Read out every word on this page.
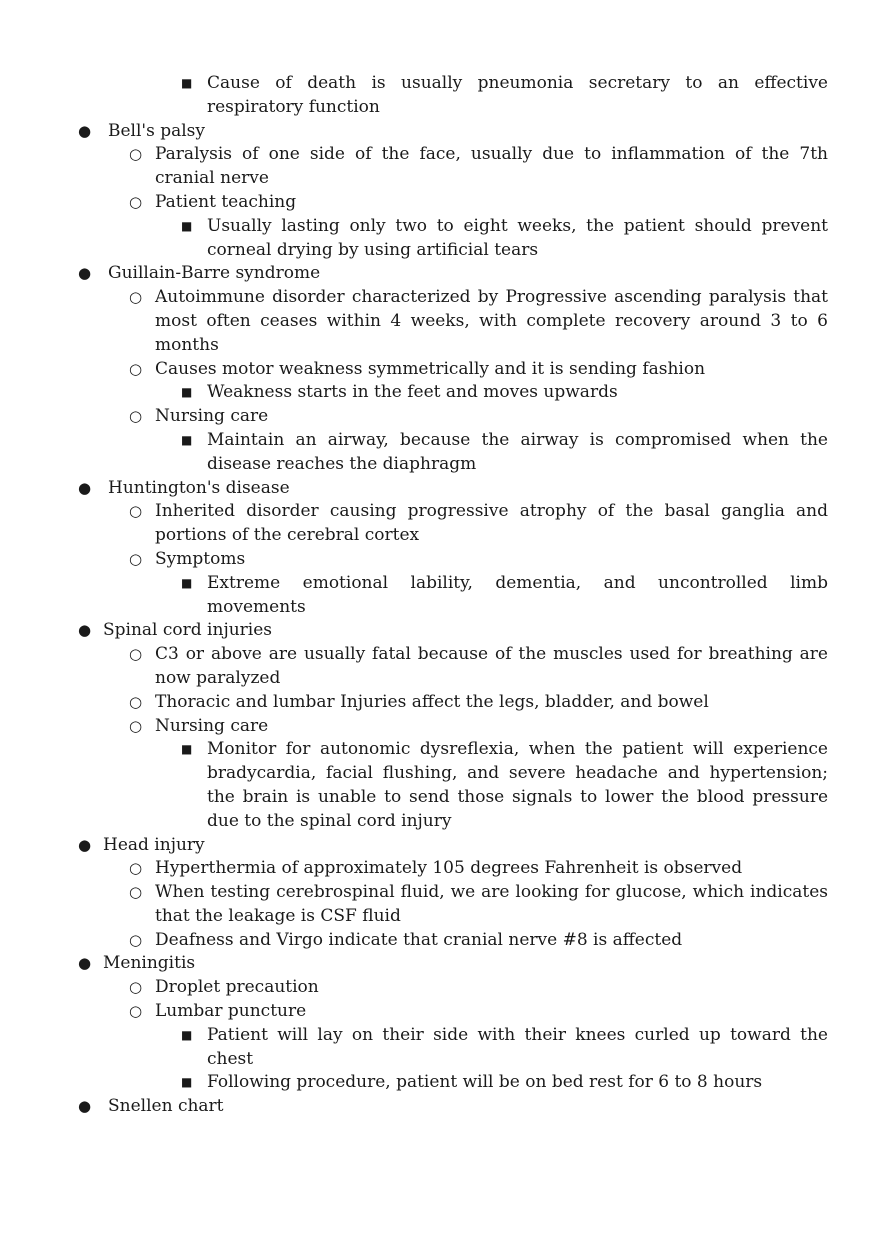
■ Cause of death is usually pneumonia secretary to an effective respiratory function
● Bell's palsy
○ Paralysis of one side of the face, usually due to inflammation of the 7th cranial nerve
○ Patient teaching
■ Usually lasting only two to eight weeks, the patient should prevent corneal drying by using artificial tears
● Guillain-Barre syndrome
○ Autoimmune disorder characterized by Progressive ascending paralysis that most often ceases within 4 weeks, with complete recovery around 3 to 6 months
○ Causes motor weakness symmetrically and it is sending fashion
■ Weakness starts in the feet and moves upwards
○ Nursing care
■ Maintain an airway, because the airway is compromised when the disease reaches the diaphragm
● Huntington's disease
○ Inherited disorder causing progressive atrophy of the basal ganglia and portions of the cerebral cortex
○ Symptoms
■ Extreme emotional lability, dementia, and uncontrolled limb movements
● Spinal cord injuries
○ C3 or above are usually fatal because of the muscles used for breathing are now paralyzed
○ Thoracic and lumbar Injuries affect the legs, bladder, and bowel
○ Nursing care
■ Monitor for autonomic dysreflexia, when the patient will experience bradycardia, facial flushing, and severe headache and hypertension; the brain is unable to send those signals to lower the blood pressure due to the spinal cord injury
● Head injury
○ Hyperthermia of approximately 105 degrees Fahrenheit is observed
○ When testing cerebrospinal fluid, we are looking for glucose, which indicates that the leakage is CSF fluid
○ Deafness and Virgo indicate that cranial nerve #8 is affected
● Meningitis
○ Droplet precaution
○ Lumbar puncture
■ Patient will lay on their side with their knees curled up toward the chest
■ Following procedure, patient will be on bed rest for 6 to 8 hours
● Snellen chart
